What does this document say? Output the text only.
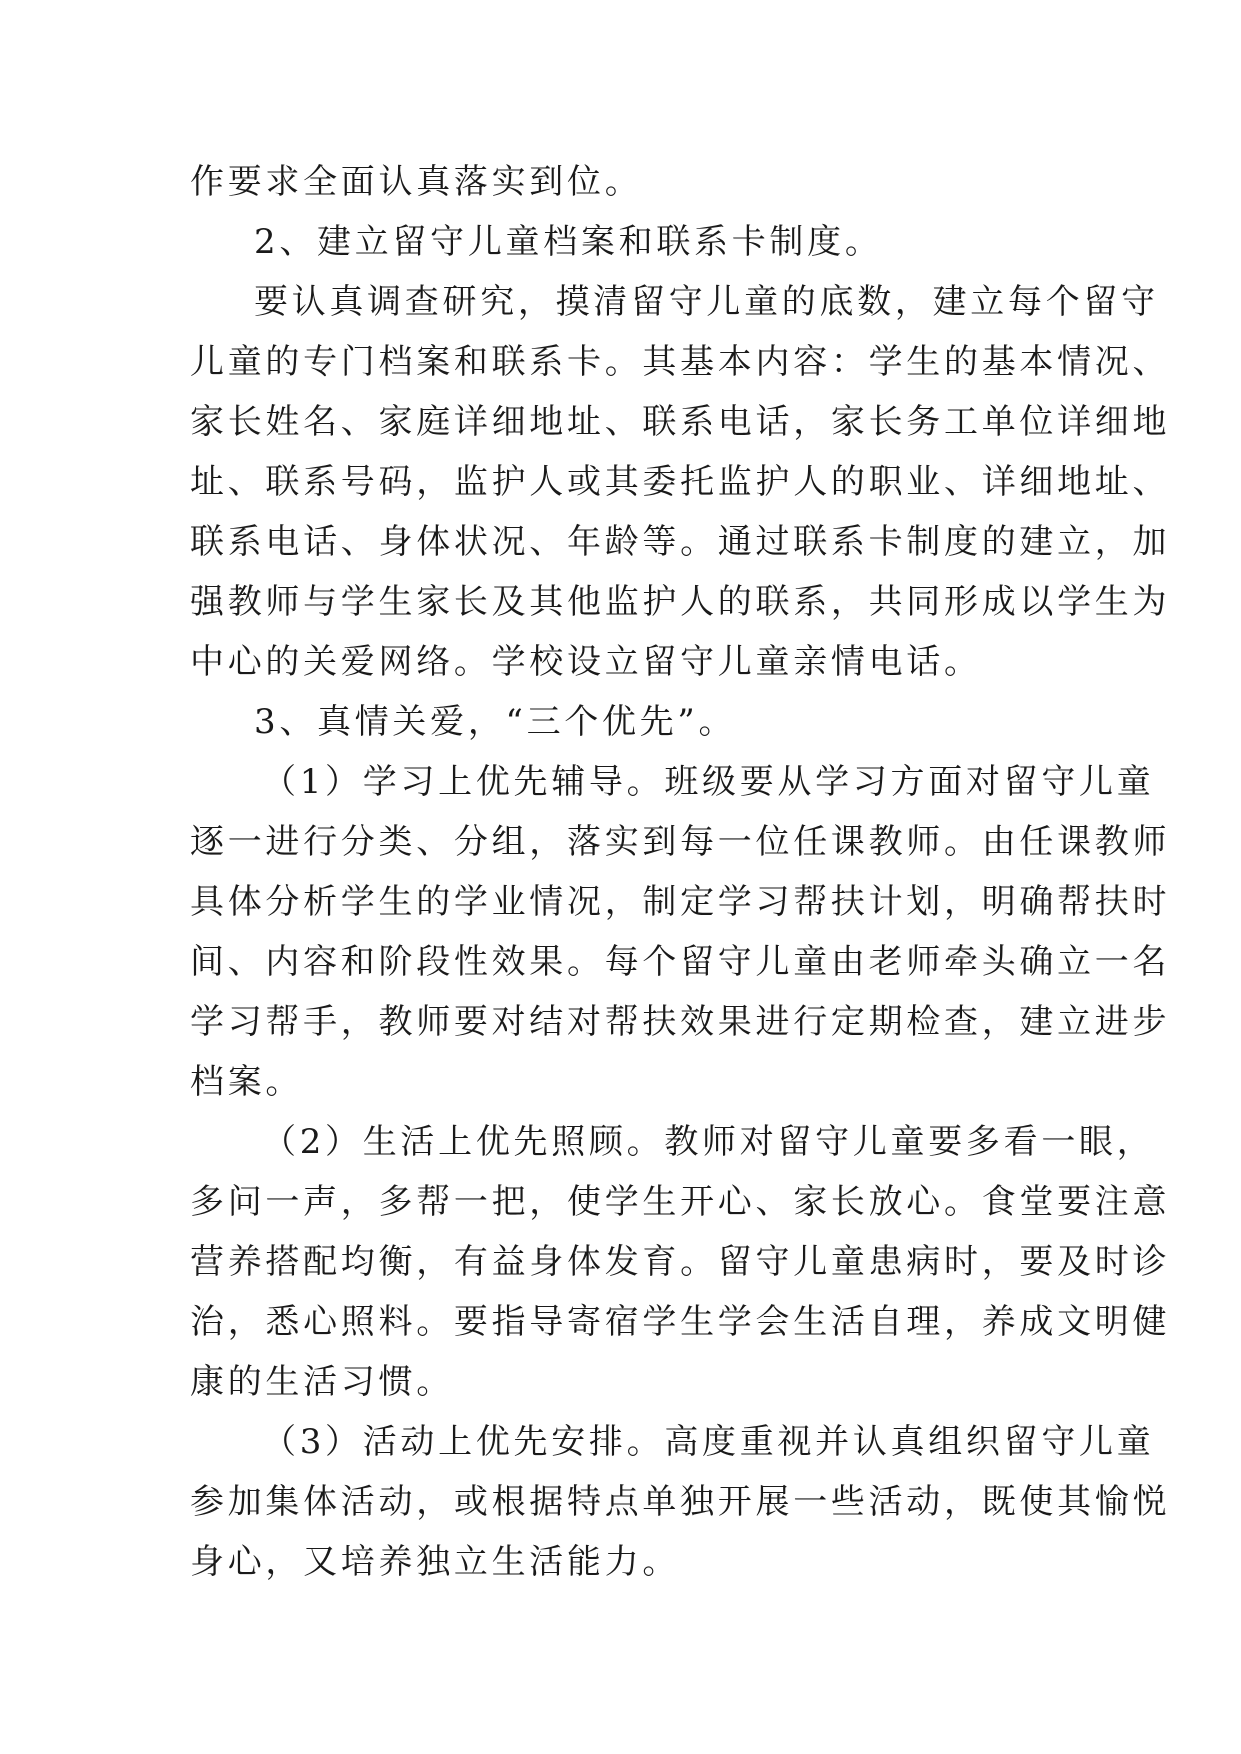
作要求全面认真落实到位。

2、建立留守儿童档案和联系卡制度。

要认真调查研究，摸清留守儿童的底数，建立每个留守

儿童的专门档案和联系卡。其基本内容：学生的基本情况、

家长姓名、家庭详细地址、联系电话，家长务工单位详细地

址、联系号码，监护人或其委托监护人的职业、详细地址、

联系电话、身体状况、年龄等。通过联系卡制度的建立，加

强教师与学生家长及其他监护人的联系，共同形成以学生为

中心的关爱网络。学校设立留守儿童亲情电话。

3、真情关爱，“三个优先”。

（1）学习上优先辅导。班级要从学习方面对留守儿童

逐一进行分类、分组，落实到每一位任课教师。由任课教师

具体分析学生的学业情况，制定学习帮扶计划，明确帮扶时

间、内容和阶段性效果。每个留守儿童由老师牵头确立一名

学习帮手，教师要对结对帮扶效果进行定期检查，建立进步

档案。

（2）生活上优先照顾。教师对留守儿童要多看一眼，

多问一声，多帮一把，使学生开心、家长放心。食堂要注意

营养搭配均衡，有益身体发育。留守儿童患病时，要及时诊

治，悉心照料。要指导寄宿学生学会生活自理，养成文明健

康的生活习惯。

（3）活动上优先安排。高度重视并认真组织留守儿童

参加集体活动，或根据特点单独开展一些活动，既使其愉悦

身心，又培养独立生活能力。
